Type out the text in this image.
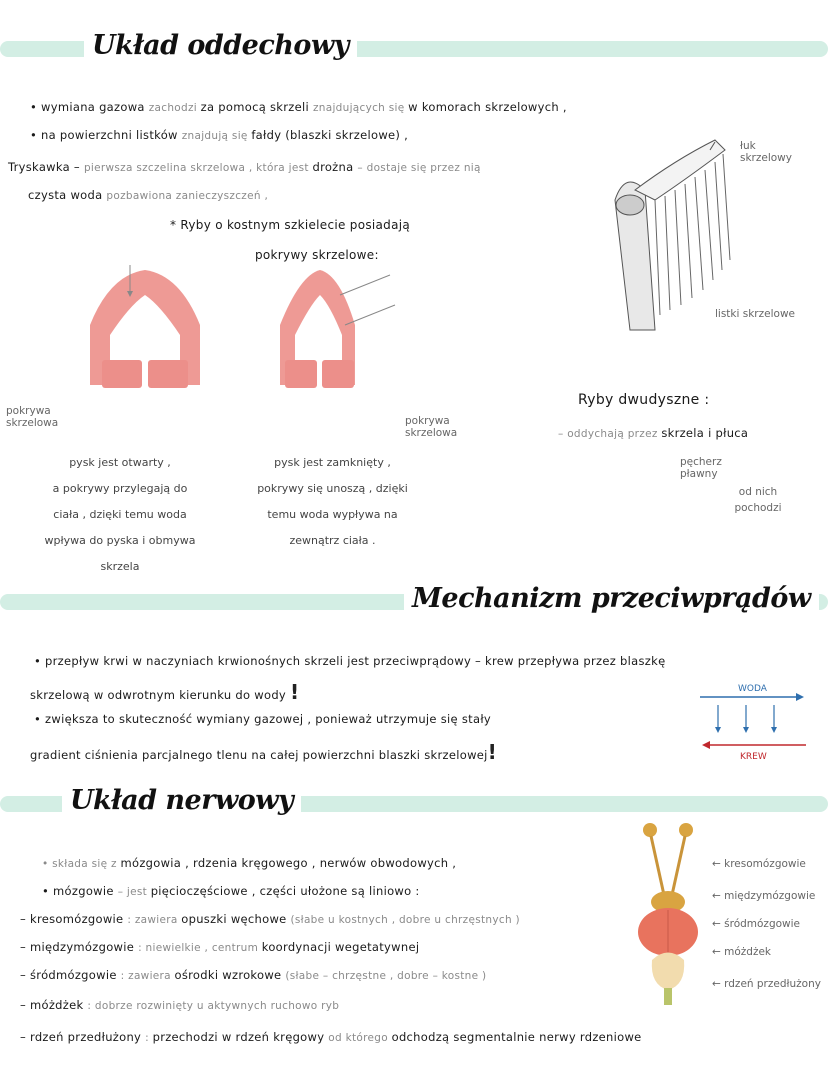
Układ oddechowy
Mechanizm przeciwprądów
Układ nerwowy
• wymiana gazowa zachodzi za pomocą skrzeli znajdujących się w komorach skrzelowych ,
• na powierzchni listków znajdują się fałdy (blaszki skrzelowe) ,
Tryskawka – pierwsza szczelina skrzelowa , która jest drożna – dostaje się przez nią
czysta woda pozbawiona zanieczyszczeń ,
* Ryby o kostnym szkielecie posiadają
pokrywy skrzelowe:
łuk skrzelowy
listki skrzelowe
pokrywa skrzelowa	pokrywa skrzelowa
pysk jest otwarty ,
a pokrywy przylegają do
ciała , dzięki temu woda
wpływa do pyska i obmywa
skrzela
pysk jest zamknięty ,
pokrywy się unoszą , dzięki
temu woda wypływa na
zewnątrz ciała .
Ryby dwudyszne :
– oddychają przez skrzela i płuca
pęcherz pławny
od nich pochodzi
• przepływ krwi w naczyniach krwionośnych skrzeli jest przeciwprądowy – krew przepływa przez blaszkę
skrzelową w odwrotnym kierunku do wody !
• zwiększa to skuteczność wymiany gazowej , ponieważ utrzymuje się stały
gradient ciśnienia parcjalnego tlenu na całej powierzchni blaszki skrzelowej!
WODA
KREW
• składa się z mózgowia , rdzenia kręgowego , nerwów obwodowych ,
• mózgowie – jest pięcioczęściowe , części ułożone są liniowo :
– kresomózgowie : zawiera opuszki węchowe (słabe u kostnych , dobre u chrzęstnych )
– międzymózgowie : niewielkie , centrum koordynacji wegetatywnej
– śródmózgowie : zawiera ośrodki wzrokowe (słabe – chrzęstne , dobre – kostne )
– móżdżek : dobrze rozwinięty u aktywnych ruchowo ryb
– rdzeń przedłużony : przechodzi w rdzeń kręgowy od którego odchodzą segmentalnie nerwy rdzeniowe
← kresomózgowie
← międzymózgowie
← śródmózgowie
← móżdżek
← rdzeń przedłużony
